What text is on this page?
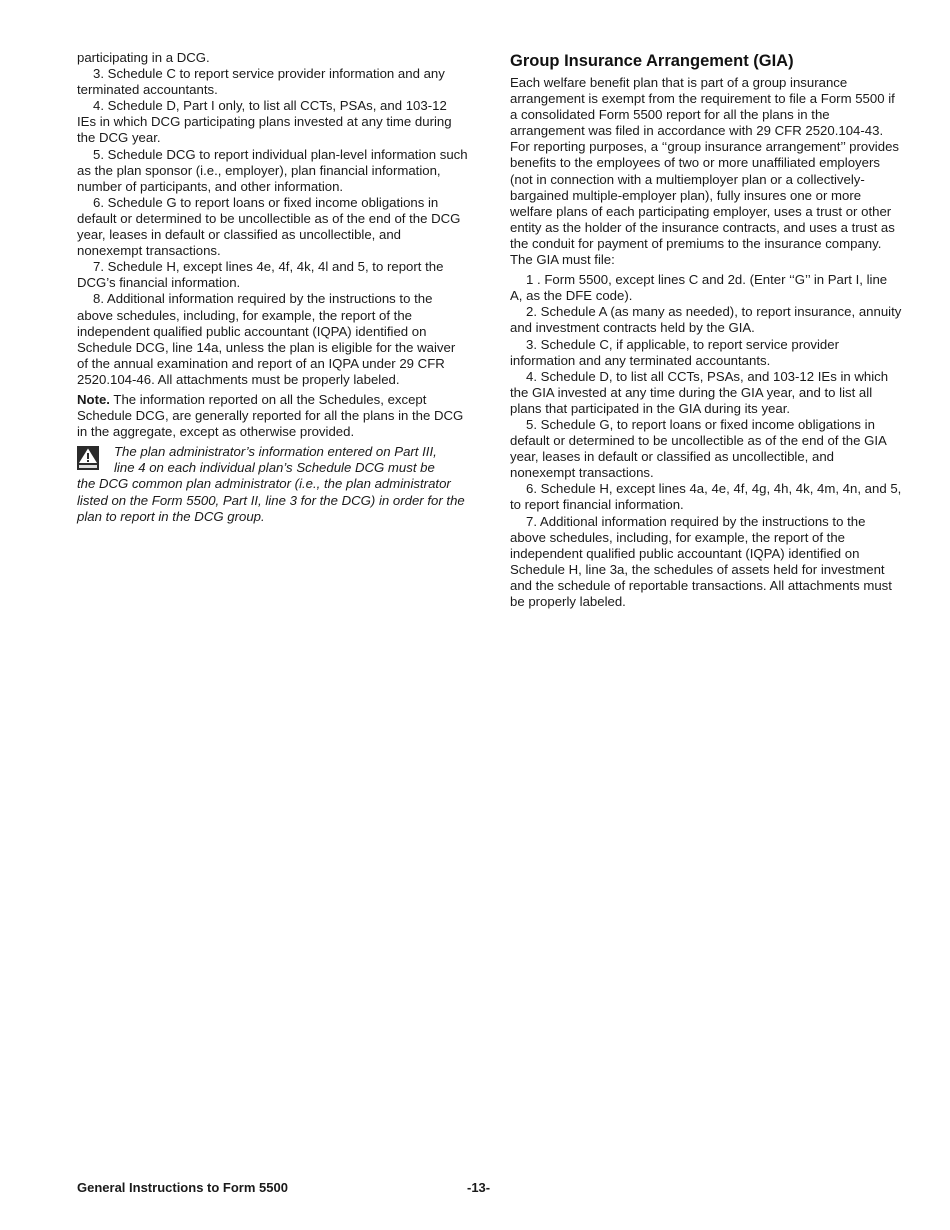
participating in a DCG.

3. Schedule C to report service provider information and any terminated accountants.

4. Schedule D, Part I only, to list all CCTs, PSAs, and 103-12 IEs in which DCG participating plans invested at any time during the DCG year.

5. Schedule DCG to report individual plan-level information such as the plan sponsor (i.e., employer), plan financial information, number of participants, and other information.

6. Schedule G to report loans or fixed income obligations in default or determined to be uncollectible as of the end of the DCG year, leases in default or classified as uncollectible, and nonexempt transactions.

7. Schedule H, except lines 4e, 4f, 4k, 4l and 5, to report the DCG’s financial information.

8. Additional information required by the instructions to the above schedules, including, for example, the report of the independent qualified public accountant (IQPA) identified on Schedule DCG, line 14a, unless the plan is eligible for the waiver of the annual examination and report of an IQPA under 29 CFR 2520.104-46. All attachments must be properly labeled.

Note. The information reported on all the Schedules, except Schedule DCG, are generally reported for all the plans in the DCG in the aggregate, except as otherwise provided.

The plan administrator’s information entered on Part III,

line 4 on each individual plan’s Schedule DCG must be

the DCG common plan administrator (i.e., the plan administrator listed on the Form 5500, Part II, line 3 for the DCG) in order for the plan to report in the DCG group.

Group Insurance Arrangement (GIA)

Each welfare benefit plan that is part of a group insurance arrangement is exempt from the requirement to file a Form 5500 if a consolidated Form 5500 report for all the plans in the arrangement was filed in accordance with 29 CFR 2520.104-43. For reporting purposes, a ‘‘group insurance arrangement’’ provides benefits to the employees of two or more unaffiliated employers (not in connection with a multiemployer plan or a collectively-bargained multiple-employer plan), fully insures one or more welfare plans of each participating employer, uses a trust or other entity as the holder of the insurance contracts, and uses a trust as the conduit for payment of premiums to the insurance company. The GIA must file:

1 . Form 5500, except lines C and 2d. (Enter ‘‘G’’ in Part I, line A, as the DFE code).

2. Schedule A (as many as needed), to report insurance, annuity and investment contracts held by the GIA.

3. Schedule C, if applicable, to report service provider information and any terminated accountants.

4. Schedule D, to list all CCTs, PSAs, and 103-12 IEs in which the GIA invested at any time during the GIA year, and to list all plans that participated in the GIA during its year.

5. Schedule G, to report loans or fixed income obligations in default or determined to be uncollectible as of the end of the GIA year, leases in default or classified as uncollectible, and nonexempt transactions.

6. Schedule H, except lines 4a, 4e, 4f, 4g, 4h, 4k, 4m, 4n, and 5, to report financial information.

7. Additional information required by the instructions to the above schedules, including, for example, the report of the independent qualified public accountant (IQPA) identified on Schedule H, line 3a, the schedules of assets held for investment and the schedule of reportable transactions. All attachments must be properly labeled.

General Instructions to Form 5500	-13-
